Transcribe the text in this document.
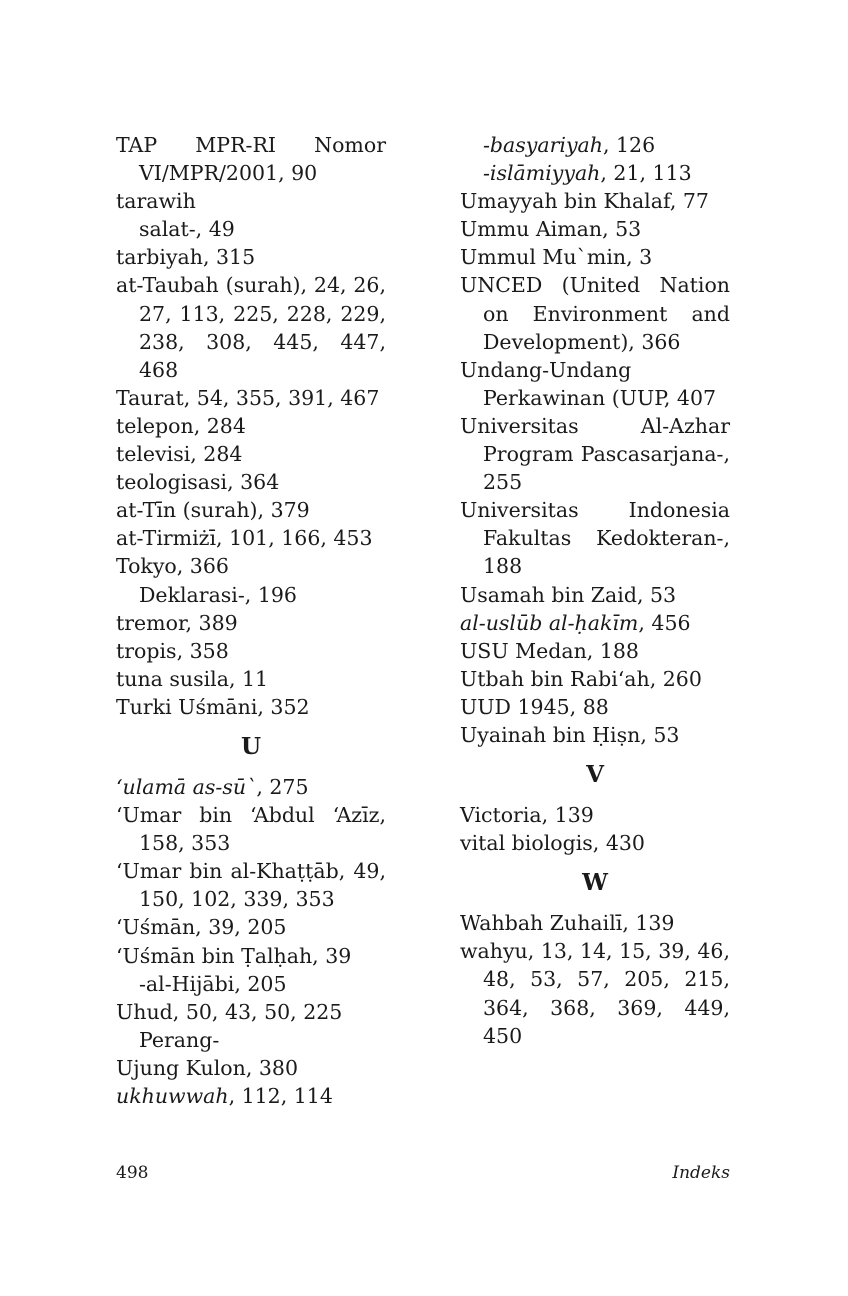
TAP MPR-RI Nomor VI/MPR/2001, 90
tarawih
salat-, 49
tarbiyah, 315
at-Taubah (surah), 24, 26, 27, 113, 225, 228, 229, 238, 308, 445, 447, 468
Taurat, 54, 355, 391, 467
telepon, 284
televisi, 284
teologisasi, 364
at-Tīn (surah), 379
at-Tirmiżī, 101, 166, 453
Tokyo, 366
Deklarasi-, 196
tremor, 389
tropis, 358
tuna susila, 11
Turki Uśmāni, 352
U
‘ulamā as-sū`, 275
‘Umar bin ‘Abdul ‘Azīz, 158, 353
‘Umar bin al-Khaṭṭāb, 49, 150, 102, 339, 353
‘Uśmān, 39, 205
‘Uśmān bin Ṭalḥah, 39
-al-Hijābi, 205
Uhud, 50, 43, 50, 225
Perang-
Ujung Kulon, 380
ukhuwwah, 112, 114
-basyariyah, 126
-islāmiyyah, 21, 113
Umayyah bin Khalaf, 77
Ummu Aiman, 53
Ummul Mu`min, 3
UNCED (United Nation on Environment and Development), 366
Undang-Undang Perkawinan (UUP, 407
Universitas Al-Azhar Program Pascasarjana-, 255
Universitas Indonesia Fakultas Kedokteran-, 188
Usamah bin Zaid, 53
al-uslūb al-ḥakīm, 456
USU Medan, 188
Utbah bin Rabi‘ah, 260
UUD 1945, 88
Uyainah bin Ḥiṣn, 53
V
Victoria, 139
vital biologis, 430
W
Wahbah Zuhailī, 139
wahyu, 13, 14, 15, 39, 46, 48, 53, 57, 205, 215, 364, 368, 369, 449, 450
498	Indeks
